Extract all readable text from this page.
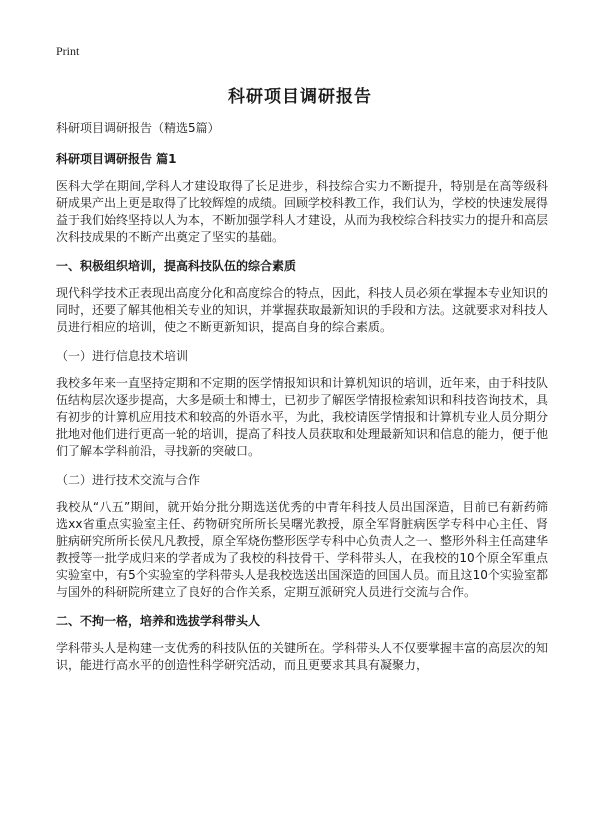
Print
科研项目调研报告

科研项目调研报告（精选5篇）

科研项目调研报告 篇1

医科大学在期间,学科人才建设取得了长足进步，科技综合实力不断提升，特别是在高等级科研成果产出上更是取得了比较辉煌的成绩。回顾学校科教工作，我们认为，学校的快速发展得益于我们始终坚持以人为本，不断加强学科人才建设，从而为我校综合科技实力的提升和高层次科技成果的不断产出奠定了坚实的基础。

一、积极组织培训，提高科技队伍的综合素质

现代科学技术正表现出高度分化和高度综合的特点，因此，科技人员必须在掌握本专业知识的同时，还要了解其他相关专业的知识，并掌握获取最新知识的手段和方法。这就要求对科技人员进行相应的培训，使之不断更新知识，提高自身的综合素质。

（一）进行信息技术培训

我校多年来一直坚持定期和不定期的医学情报知识和计算机知识的培训，近年来，由于科技队伍结构层次逐步提高，大多是硕士和博士，已初步了解医学情报检索知识和科技咨询技术，具有初步的计算机应用技术和较高的外语水平，为此，我校请医学情报和计算机专业人员分期分批地对他们进行更高一轮的培训，提高了科技人员获取和处理最新知识和信息的能力，便于他们了解本学科前沿，寻找新的突破口。

（二）进行技术交流与合作

我校从“八五”期间，就开始分批分期选送优秀的中青年科技人员出国深造，目前已有新药筛选xx省重点实验室主任、药物研究所所长吴曙光教授，原全军肾脏病医学专科中心主任、肾脏病研究所所长侯凡凡教授，原全军烧伤整形医学专科中心负责人之一、整形外科主任高建华教授等一批学成归来的学者成为了我校的科技骨干、学科带头人，在我校的10个原全军重点实验室中，有5个实验室的学科带头人是我校选送出国深造的回国人员。而且这10个实验室都与国外的科研院所建立了良好的合作关系，定期互派研究人员进行交流与合作。

二、不拘一格，培养和选拔学科带头人

学科带头人是构建一支优秀的科技队伍的关键所在。学科带头人不仅要掌握丰富的高层次的知识，能进行高水平的创造性科学研究活动，而且更要求其具有凝聚力，
